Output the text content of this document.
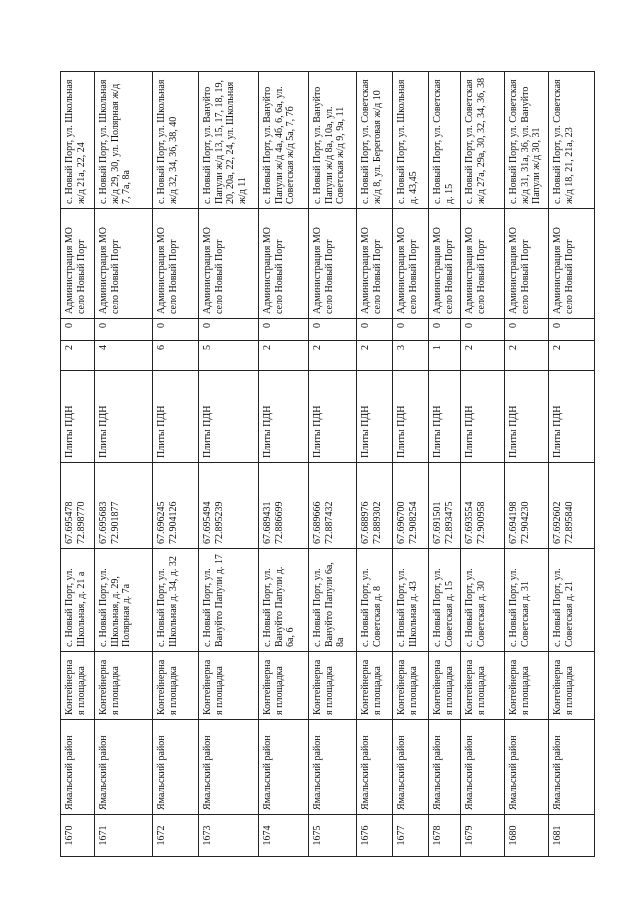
1670	Ямальский район	Контейнерная площадка	с. Новый Порт, ул. Школьная, д. 21 а	67.695478 72.898770	Плиты ПДН	2	0	Администрация МО село Новый Порт	с. Новый Порт, ул. Школьная ж/д 21а, 22, 24
1671	Ямальский район	Контейнерная площадка	с. Новый Порт, ул. Школьная, д. 29, Полярная д. 7а	67.695683 72.901877	Плиты ПДН	4	0	Администрация МО село Новый Порт	с. Новый Порт, ул. Школьная ж/д 29, 30, ул. Полярная ж/д 7, 7а, 8а
1672	Ямальский район	Контейнерная площадка	с. Новый Порт, ул. Школьная д. 34, д. 32	67.696245 72.904126	Плиты ПДН	6	0	Администрация МО село Новый Порт	с. Новый Порт, ул. Школьная ж/д 32, 34, 36, 38, 40
1673	Ямальский район	Контейнерная площадка	с. Новый Порт, ул. Вануйто Папули д. 17	67.695494 72.895239	Плиты ПДН	5	0	Администрация МО село Новый Порт	с. Новый Порт, ул. Вануйто Папули ж/д 13, 15, 17, 18, 19, 20, 20а, 22, 24, ул. Школьная ж/д 11
1674	Ямальский район	Контейнерная площадка	с. Новый Порт, ул. Вануйто Папули д. 6а, 6	67.689431 72.886699	Плиты ПДН	2	0	Администрация МО село Новый Порт	с. Новый Порт, ул. Вануйто Папули ж/д 4а, 4б, 6, 6а, ул. Советская ж/д 5а, 7, 7б
1675	Ямальский район	Контейнерная площадка	с. Новый Порт, ул. Вануйто Папули 6а, 8а	67.689666 72.887432	Плиты ПДН	2	0	Администрация МО село Новый Порт	с. Новый Порт, ул. Вануйто Папули ж/д 8а, 10а, ул. Советская ж/д 9, 9а, 11
1676	Ямальский район	Контейнерная площадка	с. Новый Порт, ул. Советская д. 8	67.688976 72.889302	Плиты ПДН	2	0	Администрация МО село Новый Порт	с. Новый Порт, ул. Советская ж/д 8, ул. Береговая ж/д 10
1677	Ямальский район	Контейнерная площадка	с. Новый Порт, ул. Школьная д. 43	67.696700 72.908254	Плиты ПДН	3	0	Администрация МО село Новый Порт	с. Новый Порт, ул. Школьная д. 43,45
1678	Ямальский район	Контейнерная площадка	с. Новый Порт, ул. Советская д. 15	67.691501 72.893475	Плиты ПДН	1	0	Администрация МО село Новый Порт	с. Новый Порт, ул. Советская д. 15
1679	Ямальский район	Контейнерная площадка	с. Новый Порт, ул. Советская д. 30	67.693554 72.900958	Плиты ПДН	2	0	Администрация МО село Новый Порт	с. Новый Порт, ул. Советская ж/д 27а, 29а, 30, 32, 34, 36, 38
1680	Ямальский район	Контейнерная площадка	с. Новый Порт, ул. Советская д. 31	67.694198 72.904230	Плиты ПДН	2	0	Администрация МО село Новый Порт	с. Новый Порт, ул. Советская ж/д 31, 31а, 36, ул. Вануйто Папули ж/д 30, 31
1681	Ямальский район	Контейнерная площадка	с. Новый Порт, ул. Советская д. 21	67.692602 72.895840	Плиты ПДН	2	0	Администрация МО село Новый Порт	с. Новый Порт, ул. Советская ж/д 18, 21, 21а, 23
